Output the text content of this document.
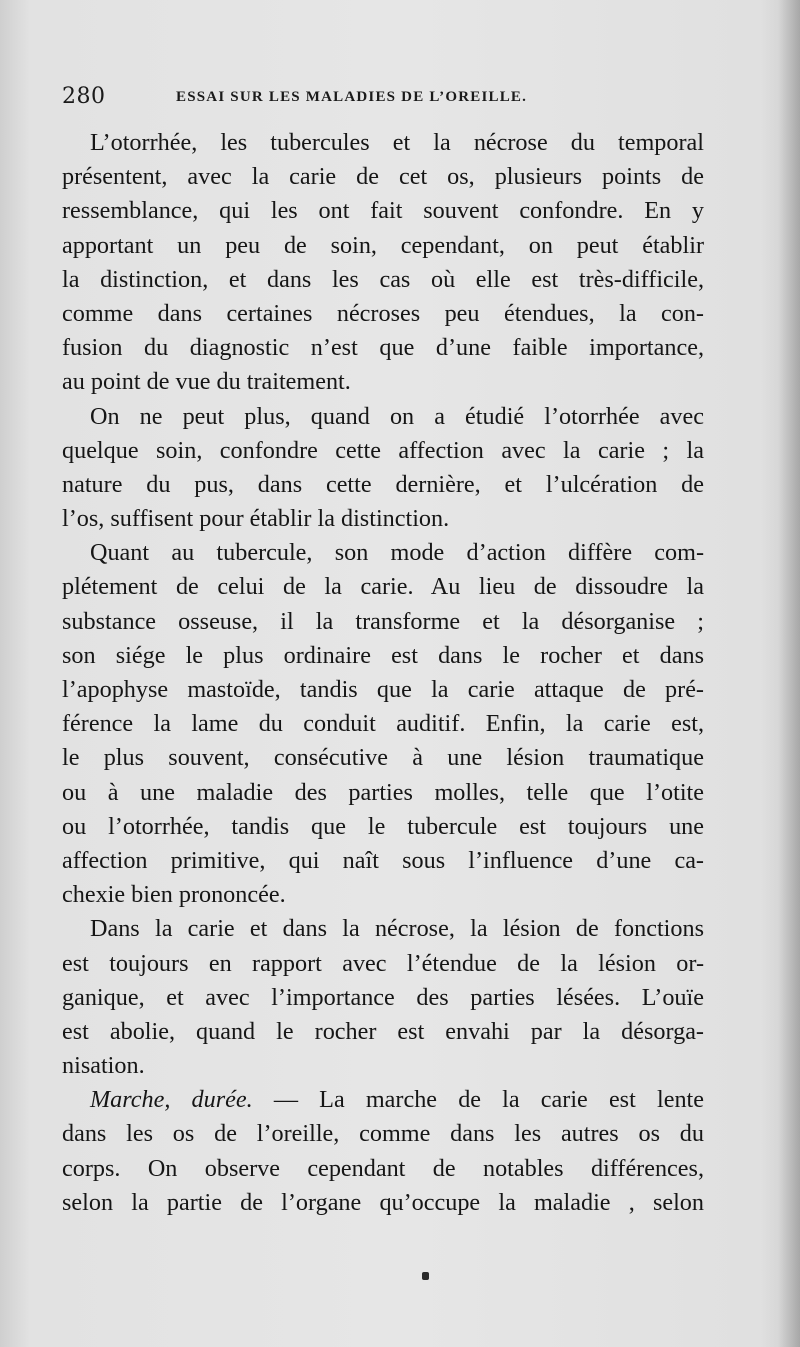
280	ESSAI SUR LES MALADIES DE L’OREILLE.
L’otorrhée, les tubercules et la nécrose du temporal
présentent, avec la carie de cet os, plusieurs points de
ressemblance, qui les ont fait souvent confondre. En y
apportant un peu de soin, cependant, on peut établir
la distinction, et dans les cas où elle est très-difficile,
comme dans certaines nécroses peu étendues, la con-
fusion du diagnostic n’est que d’une faible importance,
au point de vue du traitement.
On ne peut plus, quand on a étudié l’otorrhée avec
quelque soin, confondre cette affection avec la carie ; la
nature du pus, dans cette dernière, et l’ulcération de
l’os, suffisent pour établir la distinction.
Quant au tubercule, son mode d’action diffère com-
plétement de celui de la carie. Au lieu de dissoudre la
substance osseuse, il la transforme et la désorganise ;
son siége le plus ordinaire est dans le rocher et dans
l’apophyse mastoïde, tandis que la carie attaque de pré-
férence la lame du conduit auditif. Enfin, la carie est,
le plus souvent, consécutive à une lésion traumatique
ou à une maladie des parties molles, telle que l’otite
ou l’otorrhée, tandis que le tubercule est toujours une
affection primitive, qui naît sous l’influence d’une ca-
chexie bien prononcée.
Dans la carie et dans la nécrose, la lésion de fonctions
est toujours en rapport avec l’étendue de la lésion or-
ganique, et avec l’importance des parties lésées. L’ouïe
est abolie, quand le rocher est envahi par la désorga-
nisation.
Marche, durée. — La marche de la carie est lente
dans les os de l’oreille, comme dans les autres os du
corps. On observe cependant de notables différences,
selon la partie de l’organe qu’occupe la maladie , selon
